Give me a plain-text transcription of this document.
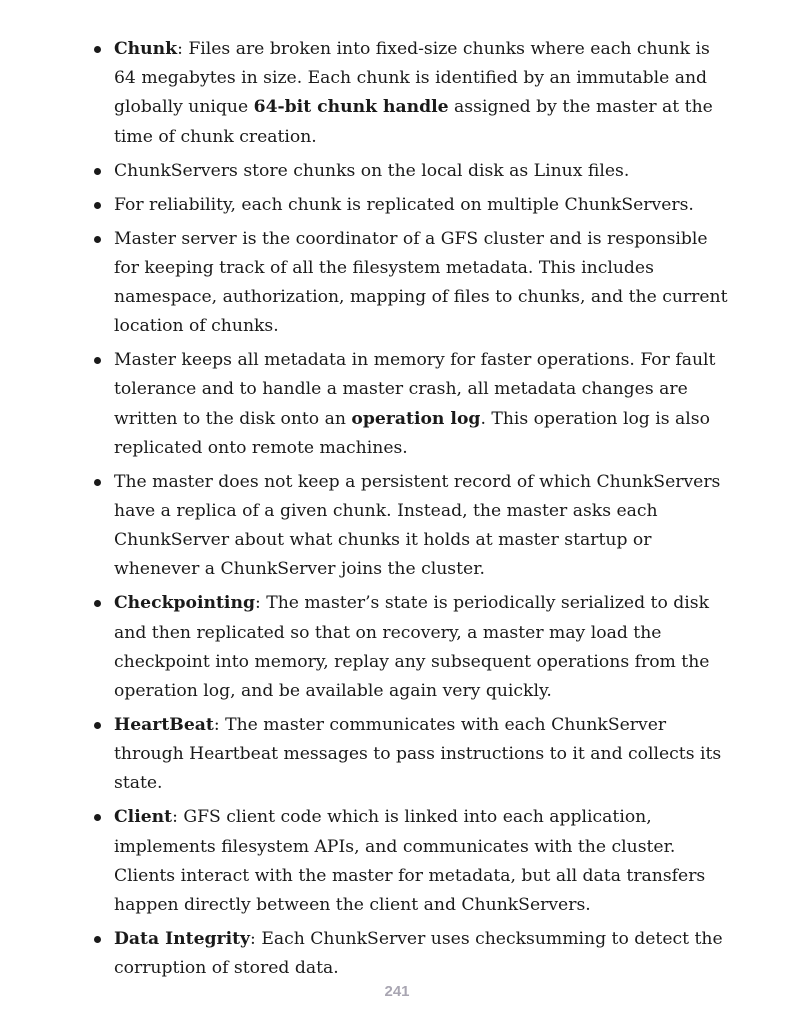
Chunk: Files are broken into fixed-size chunks where each chunk is 64 megabytes in size. Each chunk is identified by an immutable and globally unique 64-bit chunk handle assigned by the master at the time of chunk creation.
ChunkServers store chunks on the local disk as Linux files.
For reliability, each chunk is replicated on multiple ChunkServers.
Master server is the coordinator of a GFS cluster and is responsible for keeping track of all the filesystem metadata. This includes namespace, authorization, mapping of files to chunks, and the current location of chunks.
Master keeps all metadata in memory for faster operations. For fault tolerance and to handle a master crash, all metadata changes are written to the disk onto an operation log. This operation log is also replicated onto remote machines.
The master does not keep a persistent record of which ChunkServers have a replica of a given chunk. Instead, the master asks each ChunkServer about what chunks it holds at master startup or whenever a ChunkServer joins the cluster.
Checkpointing: The master’s state is periodically serialized to disk and then replicated so that on recovery, a master may load the checkpoint into memory, replay any subsequent operations from the operation log, and be available again very quickly.
HeartBeat: The master communicates with each ChunkServer through Heartbeat messages to pass instructions to it and collects its state.
Client: GFS client code which is linked into each application, implements filesystem APIs, and communicates with the cluster. Clients interact with the master for metadata, but all data transfers happen directly between the client and ChunkServers.
Data Integrity: Each ChunkServer uses checksumming to detect the corruption of stored data.
241
